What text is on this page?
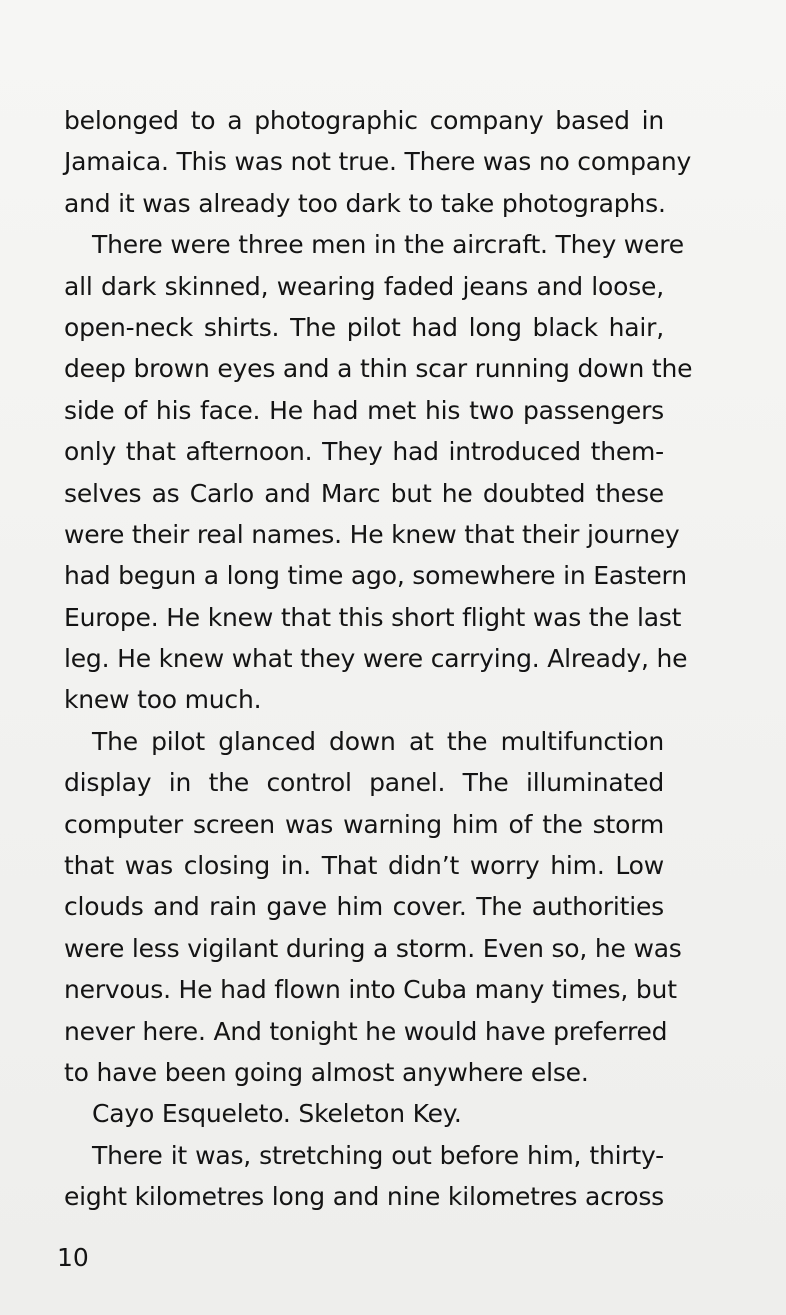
belonged to a photographic company based in
Jamaica. This was not true. There was no company
and it was already too dark to take photographs.
There were three men in the aircraft. They were
all dark skinned, wearing faded jeans and loose,
open-neck shirts. The pilot had long black hair,
deep brown eyes and a thin scar running down the
side of his face. He had met his two passengers
only that afternoon. They had introduced them-
selves as Carlo and Marc but he doubted these
were their real names. He knew that their journey
had begun a long time ago, somewhere in Eastern
Europe. He knew that this short flight was the last
leg. He knew what they were carrying. Already, he
knew too much.
The pilot glanced down at the multifunction
display in the control panel. The illuminated
computer screen was warning him of the storm
that was closing in. That didn’t worry him. Low
clouds and rain gave him cover. The authorities
were less vigilant during a storm. Even so, he was
nervous. He had flown into Cuba many times, but
never here. And tonight he would have preferred
to have been going almost anywhere else.
Cayo Esqueleto. Skeleton Key.
There it was, stretching out before him, thirty-
eight kilometres long and nine kilometres across
10
